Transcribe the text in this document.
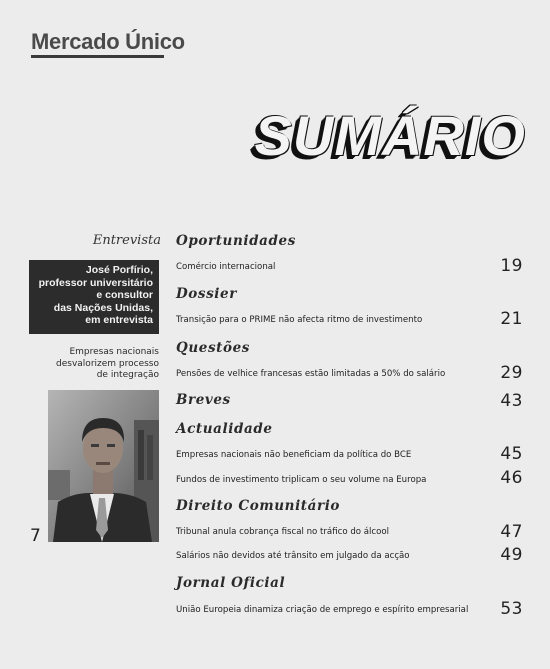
Mercado Único
SUMÁRIO
Entrevista
José Porfírio,
professor universitário
e consultor
das Nações Unidas,
em entrevista
Empresas nacionais
desvalorizem processo
de integração
7
Oportunidades
Comércio internacional	19
Dossier
Transição para o PRIME não afecta ritmo de investimento	21
Questões
Pensões de velhice francesas estão limitadas a 50% do salário	29
Breves	43
Actualidade
Empresas nacionais não beneficiam da política do BCE	45
Fundos de investimento triplicam o seu volume na Europa	46
Direito Comunitário
Tribunal anula cobrança fiscal no tráfico do álcool	47
Salários não devidos até trânsito em julgado da acção	49
Jornal Oficial
União Europeia dinamiza criação de emprego e espírito empresarial 53
